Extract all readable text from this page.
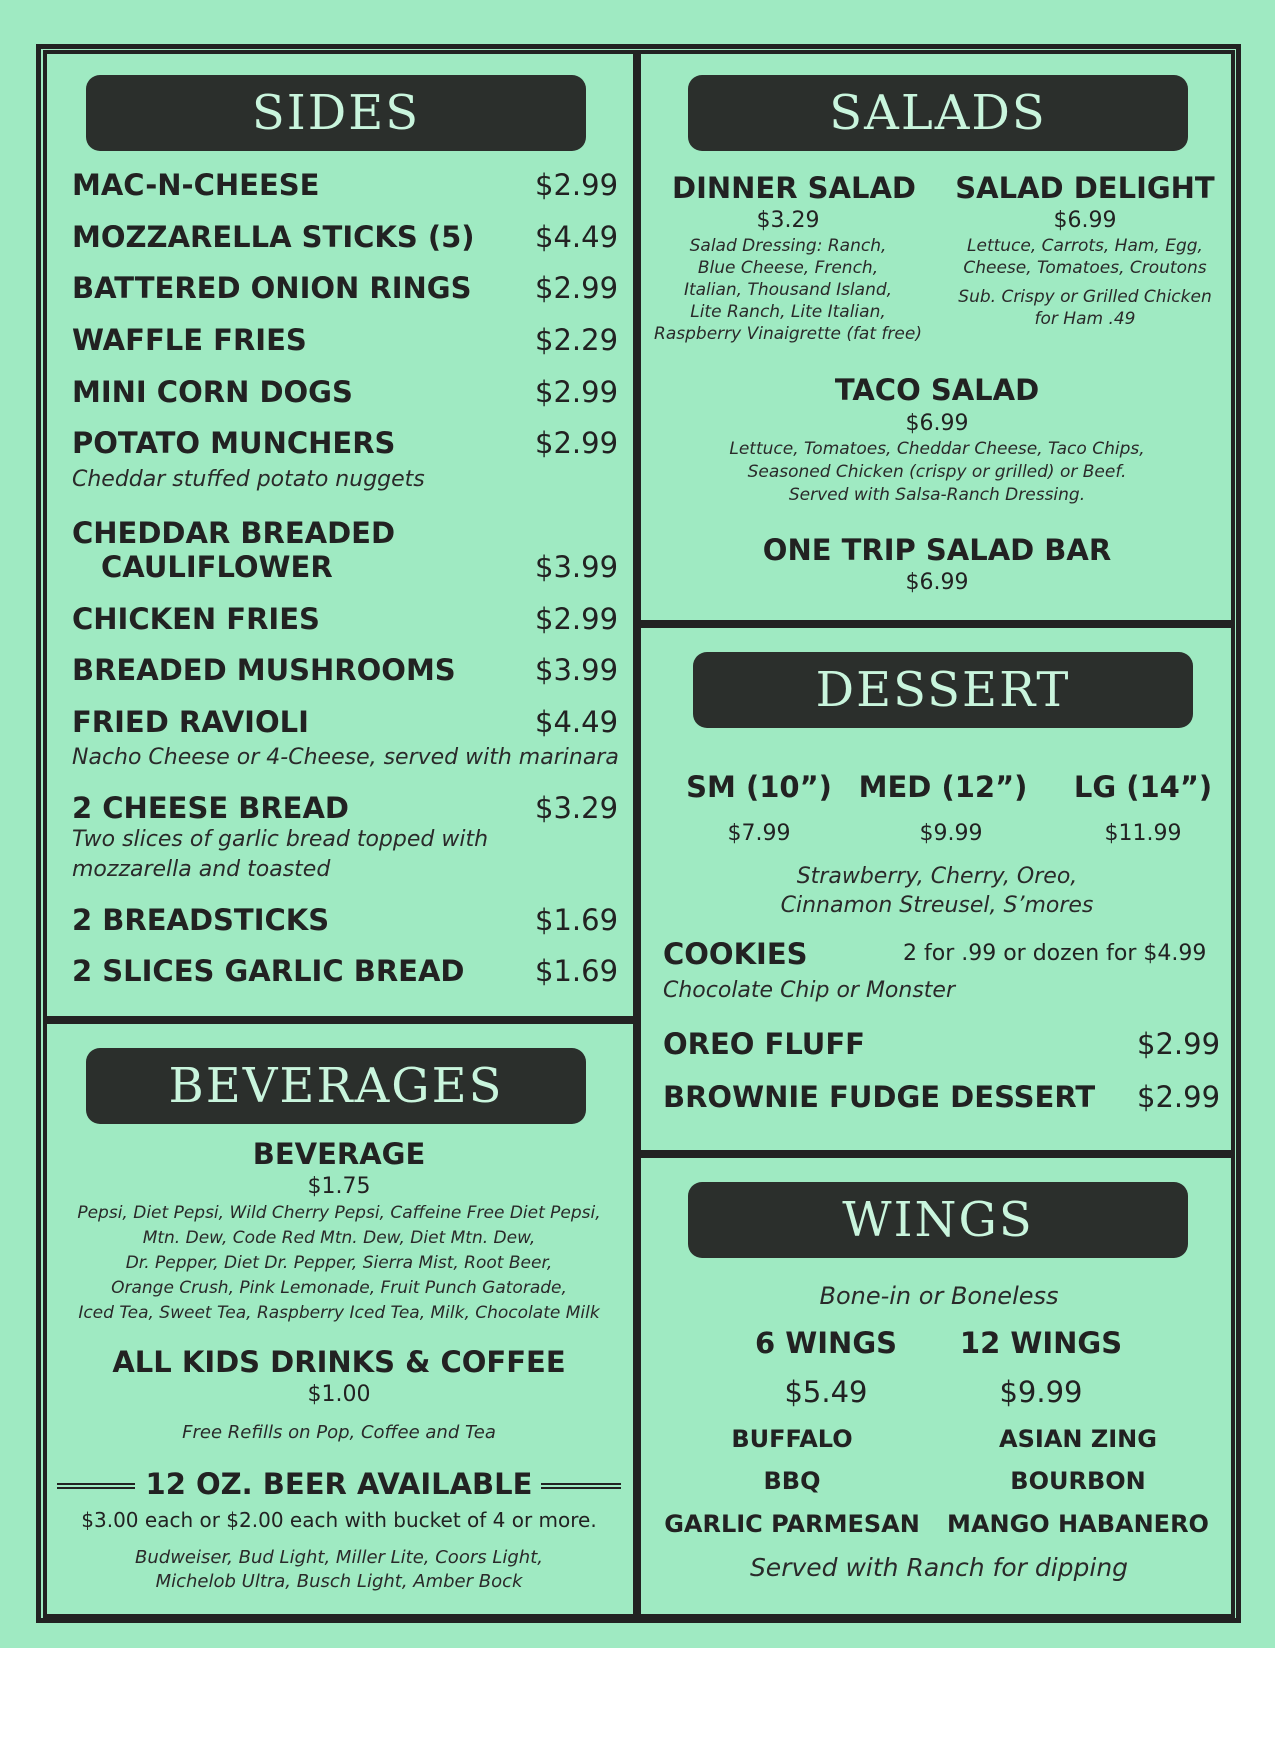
SIDES
MAC-N-CHEESE	$2.99
MOZZARELLA STICKS (5) $4.49
BATTERED ONION RINGS $2.99
WAFFLE FRIES	$2.29
MINI CORN DOGS	$2.99
POTATO MUNCHERS	$2.99
Cheddar stuffed potato nuggets
CHEDDAR BREADED
CAULIFLOWER	$3.99
CHICKEN FRIES	$2.99
BREADED MUSHROOMS	$3.99
FRIED RAVIOLI	$4.49
Nacho Cheese or 4-Cheese, served with marinara
2 CHEESE BREAD	$3.29
Two slices of garlic bread topped with
mozzarella and toasted
2 BREADSTICKS	$1.69
2 SLICES GARLIC BREAD $1.69
BEVERAGES
BEVERAGE
$1.75
Pepsi, Diet Pepsi, Wild Cherry Pepsi, Caffeine Free Diet Pepsi,
Mtn. Dew, Code Red Mtn. Dew, Diet Mtn. Dew,
Dr. Pepper, Diet Dr. Pepper, Sierra Mist, Root Beer,
Orange Crush, Pink Lemonade, Fruit Punch Gatorade,
Iced Tea, Sweet Tea, Raspberry Iced Tea, Milk, Chocolate Milk
ALL KIDS DRINKS & COFFEE
$1.00
Free Refills on Pop, Coffee and Tea
12 OZ. BEER AVAILABLE
$3.00 each or $2.00 each with bucket of 4 or more.
Budweiser, Bud Light, Miller Lite, Coors Light,
Michelob Ultra, Busch Light, Amber Bock
SALADS
DINNER SALAD
$3.29
Salad Dressing: Ranch,
Blue Cheese, French,
Italian, Thousand Island,
Lite Ranch, Lite Italian,
Raspberry Vinaigrette (fat free)
SALAD DELIGHT
$6.99
Lettuce, Carrots, Ham, Egg,
Cheese, Tomatoes, Croutons
Sub. Crispy or Grilled Chicken
for Ham .49
TACO SALAD
$6.99
Lettuce, Tomatoes, Cheddar Cheese, Taco Chips,
Seasoned Chicken (crispy or grilled) or Beef.
Served with Salsa-Ranch Dressing.
ONE TRIP SALAD BAR
$6.99
DESSERT
SM (10”) MED (12”) LG (14”)
$7.99	$9.99	$11.99
Strawberry, Cherry, Oreo,
Cinnamon Streusel, S’mores
COOKIES	2 for .99 or dozen for $4.99
Chocolate Chip or Monster
OREO FLUFF	$2.99
BROWNIE FUDGE DESSERT $2.99
WINGS
Bone-in or Boneless
6 WINGS 12 WINGS
$5.49	$9.99
BUFFALO
BBQ
GARLIC PARMESAN
ASIAN ZING
BOURBON
MANGO HABANERO
Served with Ranch for dipping
